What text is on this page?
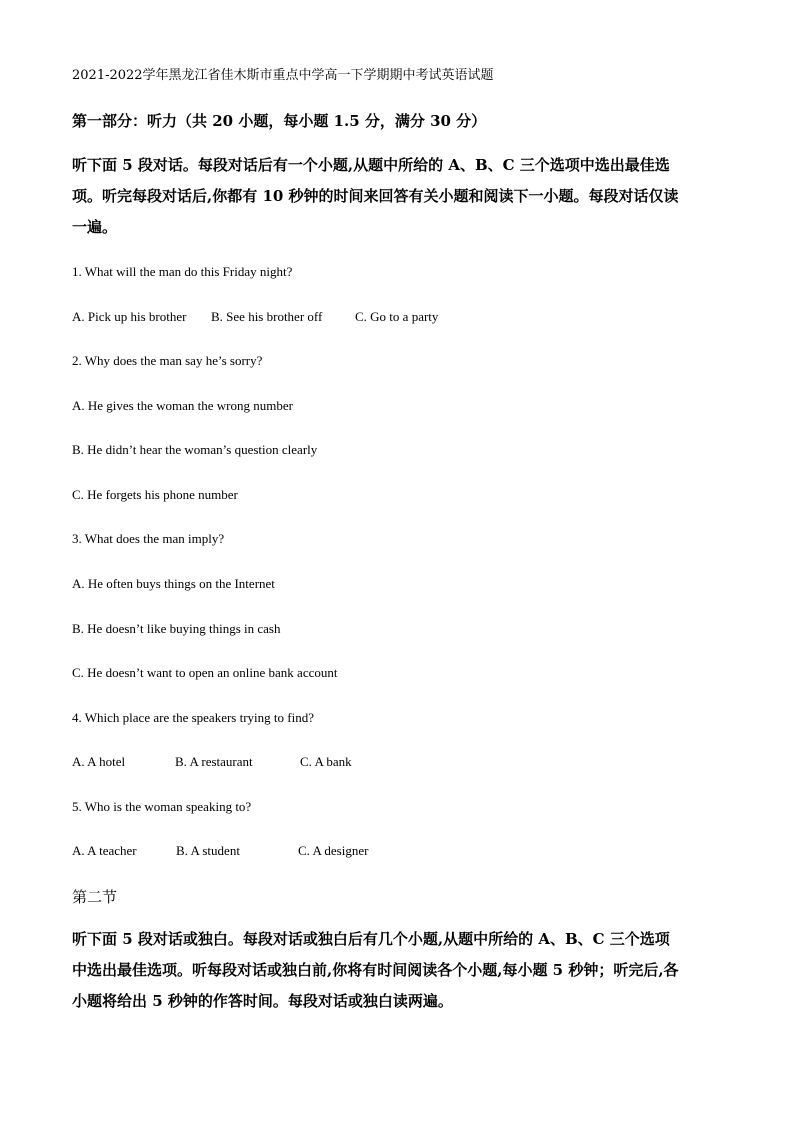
2021-2022学年黑龙江省佳木斯市重点中学高一下学期期中考试英语试题
第一部分：听力（共 20 小题，每小题 1.5 分，满分 30 分）
听下面 5 段对话。每段对话后有一个小题,从题中所给的 A、B、C 三个选项中选出最佳选
项。听完每段对话后,你都有 10 秒钟的时间来回答有关小题和阅读下一小题。每段对话仅读
一遍。
1. What will the man do this Friday night?
A. Pick up his brother B. See his brother off	C. Go to a party
2. Why does the man say he’s sorry?
A. He gives the woman the wrong number
B. He didn’t hear the woman’s question clearly
C. He forgets his phone number
3. What does the man imply?
A. He often buys things on the Internet
B. He doesn’t like buying things in cash
C. He doesn’t want to open an online bank account
4. Which place are the speakers trying to find?
A. A hotel	B. A restaurant	C. A bank
5. Who is the woman speaking to?
A. A teacher	B. A student	C. A designer
第二节
听下面 5 段对话或独白。每段对话或独白后有几个小题,从题中所给的 A、B、C 三个选项
中选出最佳选项。听每段对话或独白前,你将有时间阅读各个小题,每小题 5 秒钟；听完后,各
小题将给出 5 秒钟的作答时间。每段对话或独白读两遍。
